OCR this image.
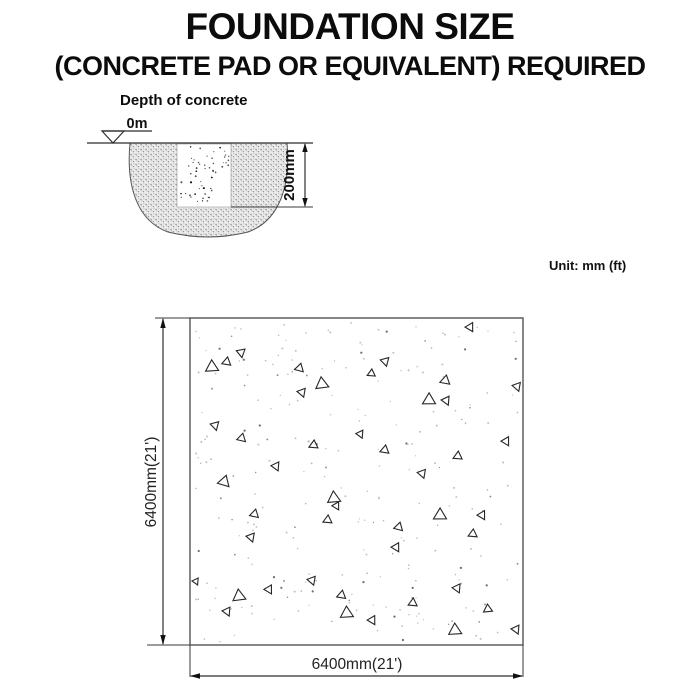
FOUNDATION SIZE
(CONCRETE PAD OR EQUIVALENT) REQUIRED
Depth of concrete
0m
200mm
Unit: mm (ft)
6400mm(21')
6400mm(21')
